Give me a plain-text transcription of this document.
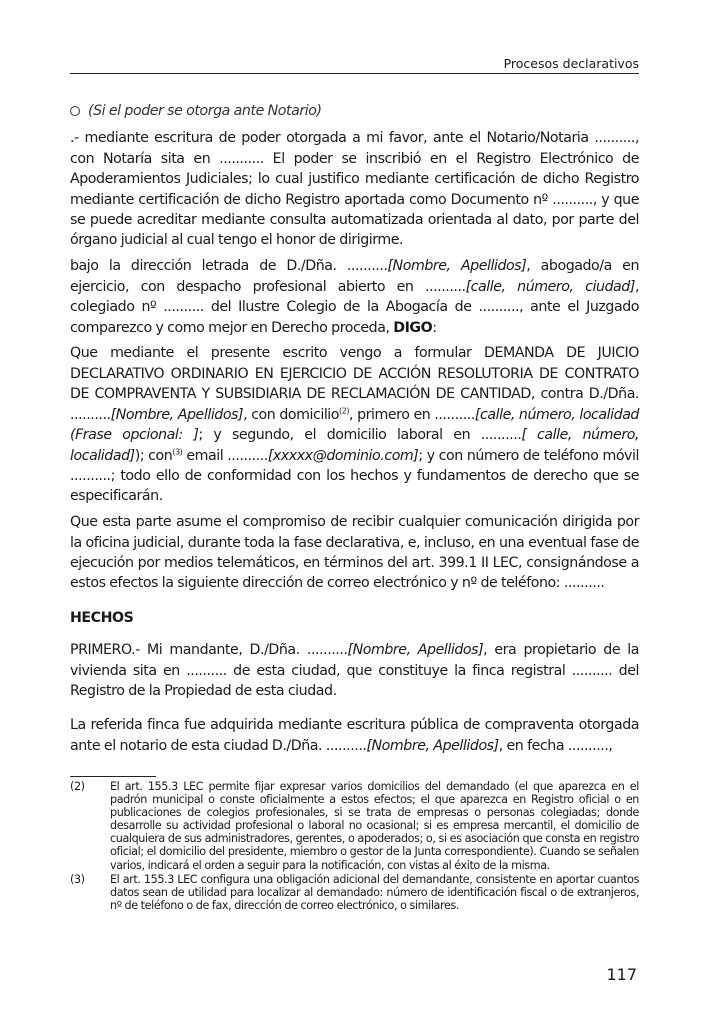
Procesos declarativos

(Si el poder se otorga ante Notario)

.- mediante escritura de poder otorgada a mi favor, ante el Notario/Notaria .........., con Notaría sita en ........... El poder se inscribió en el Registro Electrónico de Apoderamientos Judiciales; lo cual justifico mediante certificación de dicho Registro mediante certificación de dicho Registro aportada como Documento nº .........., y que se puede acreditar mediante consulta automatizada orientada al dato, por parte del órgano judicial al cual tengo el honor de dirigirme.

bajo la dirección letrada de D./Dña. ..........[Nombre, Apellidos], abogado/a en ejercicio, con despacho profesional abierto en ..........[calle, número, ciudad], colegiado nº .......... del Ilustre Colegio de la Abogacía de .........., ante el Juzgado comparezco y como mejor en Derecho proceda, DIGO:

Que mediante el presente escrito vengo a formular DEMANDA DE JUICIO DECLARATIVO ORDINARIO EN EJERCICIO DE ACCIÓN RESOLUTORIA DE CONTRATO DE COMPRAVENTA Y SUBSIDIARIA DE RECLAMACIÓN DE CANTIDAD, contra D./Dña. ..........[Nombre, Apellidos], con domicilio$^{(2)}$, primero en ..........[calle, número, localidad (Frase opcional: ]; y segundo, el domicilio laboral en ..........[ calle, número, localidad]); con$^{(3)}$ email ..........[xxxxx@dominio.com]; y con número de teléfono móvil ..........; todo ello de conformidad con los hechos y fundamentos de derecho que se especificarán.

Que esta parte asume el compromiso de recibir cualquier comunicación dirigida por la oficina judicial, durante toda la fase declarativa, e, incluso, en una eventual fase de ejecución por medios telemáticos, en términos del art. 399.1 II LEC, consignándose a estos efectos la siguiente dirección de correo electrónico y nº de teléfono: ..........

HECHOS

PRIMERO.- Mi mandante, D./Dña. ..........[Nombre, Apellidos], era propietario de la vivienda sita en .......... de esta ciudad, que constituye la finca registral .......... del Registro de la Propiedad de esta ciudad.

La referida finca fue adquirida mediante escritura pública de compraventa otorgada ante el notario de esta ciudad D./Dña. ..........[Nombre, Apellidos], en fecha ..........,

(2)	El art. 155.3 LEC permite fijar expresar varios domicilios del demandado (el que aparezca en el padrón municipal o conste oficialmente a estos efectos; el que aparezca en Registro oficial o en publicaciones de colegios profesionales, si se trata de empresas o personas colegiadas; donde desarrolle su actividad profesional o laboral no ocasional; si es empresa mercantil, el domicilio de cualquiera de sus administradores, gerentes, o apoderados; o, si es asociación que consta en registro oficial; el domicilio del presidente, miembro o gestor de la Junta correspondiente). Cuando se señalen varios, indicará el orden a seguir para la notificación, con vistas al éxito de la misma.
(3)	El art. 155.3 LEC configura una obligación adicional del demandante, consistente en aportar cuantos datos sean de utilidad para localizar al demandado: número de identificación fiscal o de extranjeros, nº de teléfono o de fax, dirección de correo electrónico, o similares.
117
